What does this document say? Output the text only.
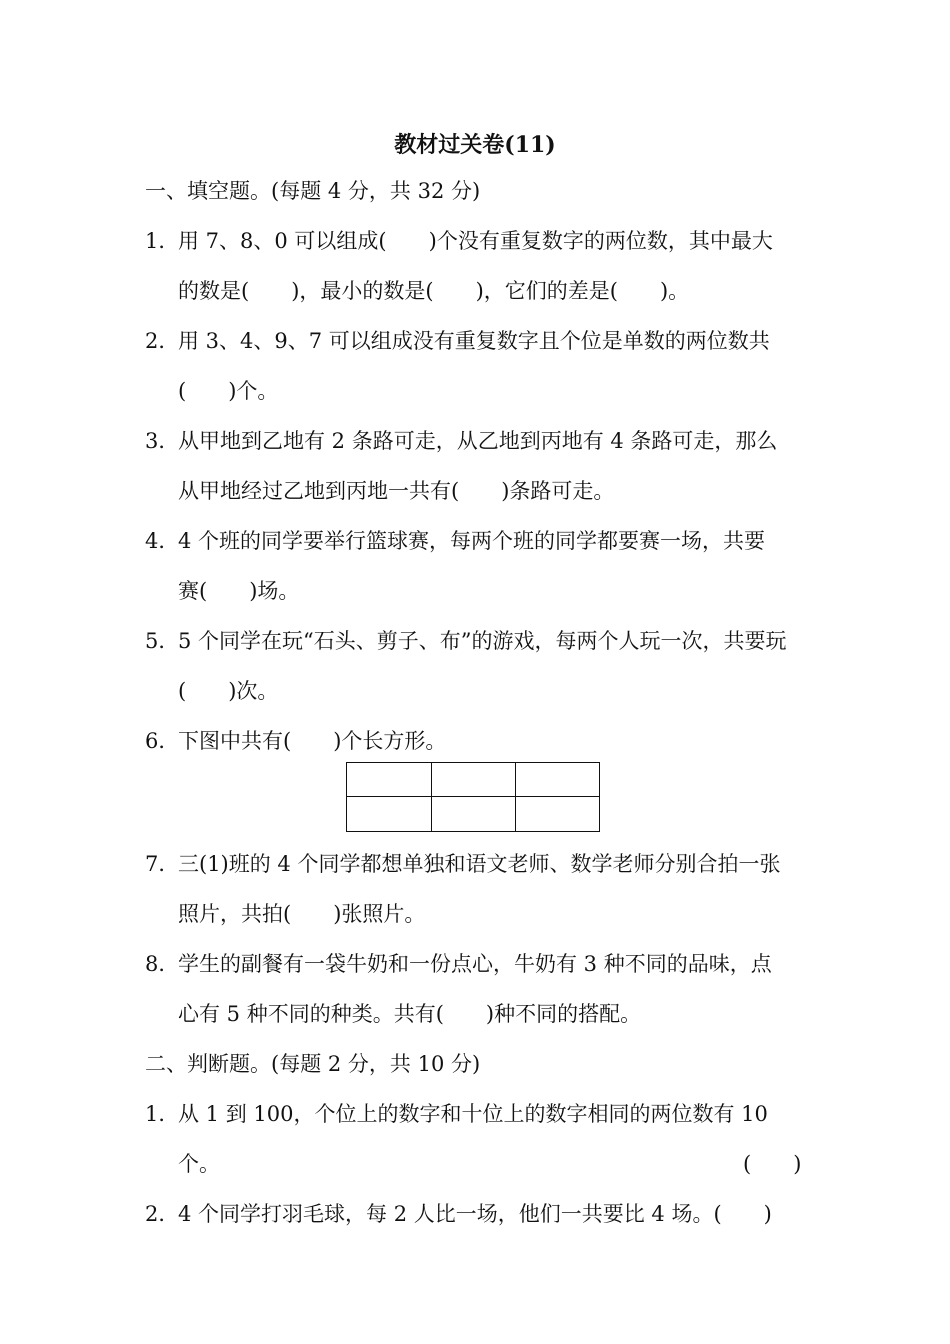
教材过关卷(11)
一、填空题。(每题 4 分，共 32 分)
1．用 7、8、0 可以组成(　　)个没有重复数字的两位数，其中最大
的数是(　　)，最小的数是(　　)，它们的差是(　　)。
2．用 3、4、9、7 可以组成没有重复数字且个位是单数的两位数共
(　　)个。
3．从甲地到乙地有 2 条路可走，从乙地到丙地有 4 条路可走，那么
从甲地经过乙地到丙地一共有(　　)条路可走。
4．4 个班的同学要举行篮球赛，每两个班的同学都要赛一场，共要
赛(　　)场。
5．5 个同学在玩“石头、剪子、布”的游戏，每两个人玩一次，共要玩
(　　)次。
6．下图中共有(　　)个长方形。
7．三(1)班的 4 个同学都想单独和语文老师、数学老师分别合拍一张
照片，共拍(　　)张照片。
8．学生的副餐有一袋牛奶和一份点心，牛奶有 3 种不同的品味，点
心有 5 种不同的种类。共有(　　)种不同的搭配。
二、判断题。(每题 2 分，共 10 分)
1．从 1 到 100，个位上的数字和十位上的数字相同的两位数有 10
个。	(　　)
2．4 个同学打羽毛球，每 2 人比一场，他们一共要比 4 场。(　　)
